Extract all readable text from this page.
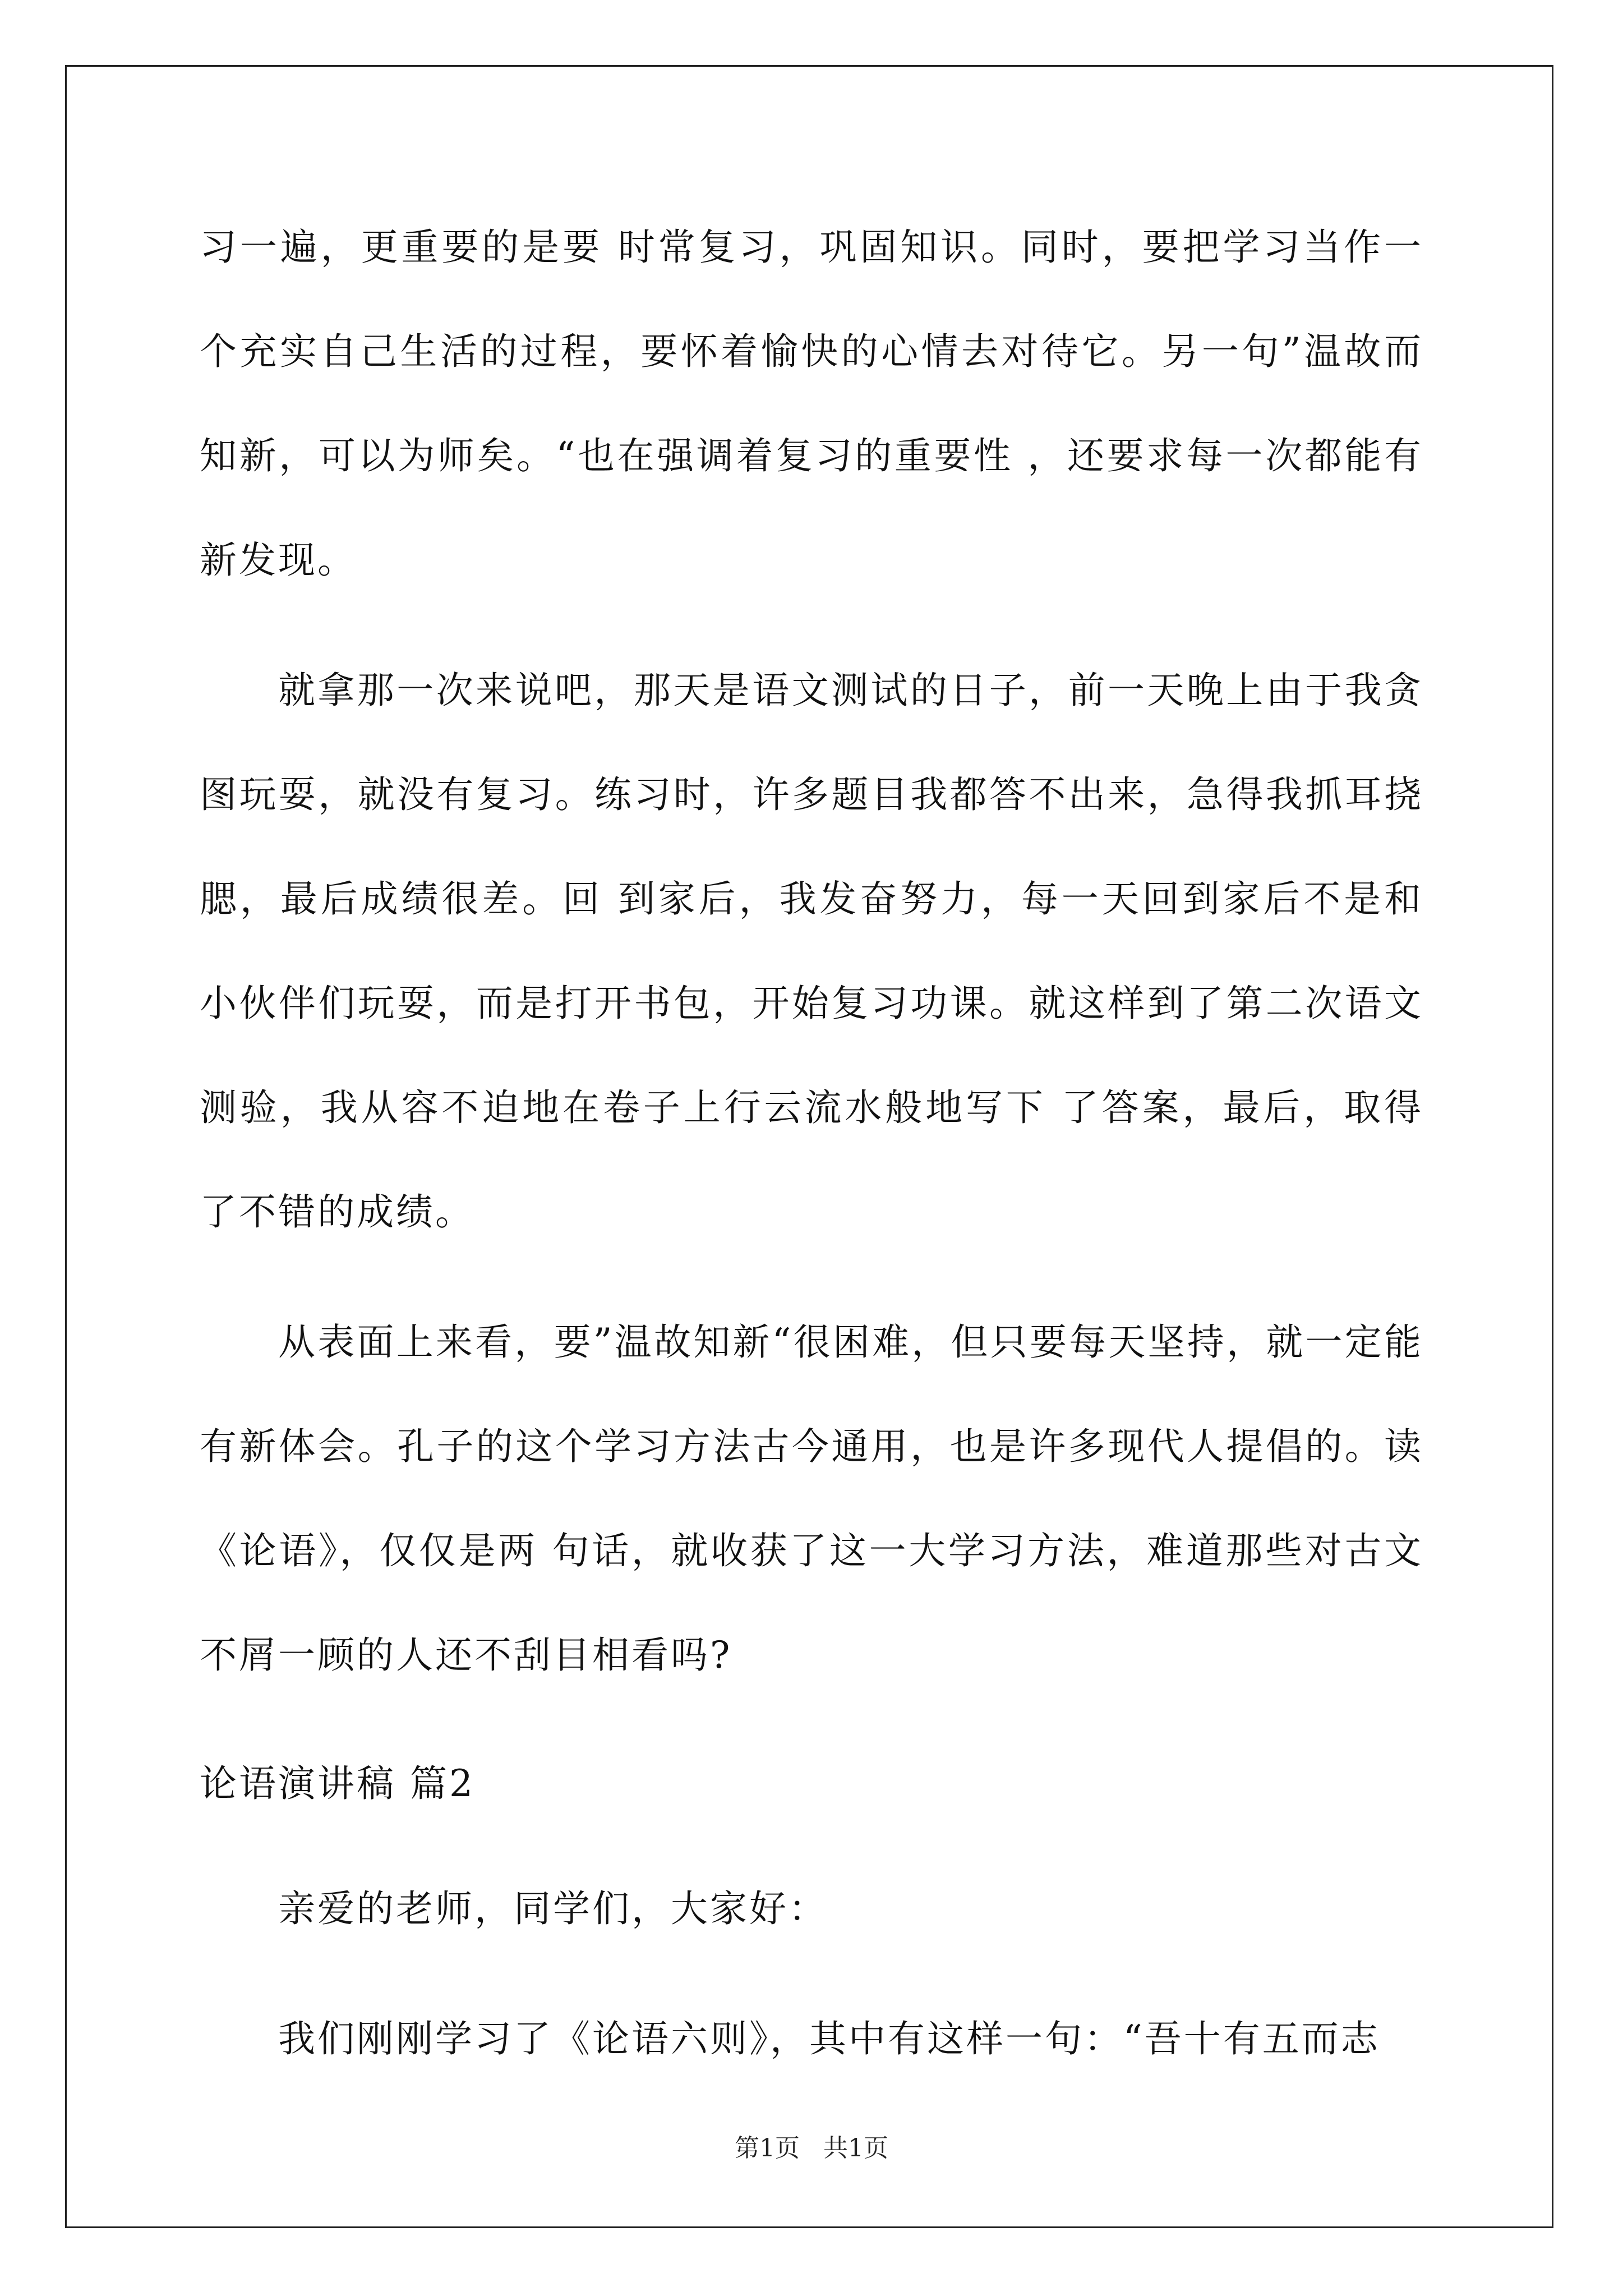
习一遍，更重要的是要 时常复习，巩固知识。同时，要把学习当作一个充实自己生活的过程，要怀着愉快的心情去对待它。另一句”温故而知新，可以为师矣。“也在强调着复习的重要性 ，还要求每一次都能有新发现。

就拿那一次来说吧，那天是语文测试的日子，前一天晚上由于我贪图玩耍，就没有复习。练习时，许多题目我都答不出来，急得我抓耳挠腮，最后成绩很差。回 到家后，我发奋努力，每一天回到家后不是和小伙伴们玩耍，而是打开书包，开始复习功课。就这样到了第二次语文测验，我从容不迫地在卷子上行云流水般地写下 了答案，最后，取得了不错的成绩。

从表面上来看，要”温故知新“很困难，但只要每天坚持，就一定能有新体会。孔子的这个学习方法古今通用，也是许多现代人提倡的。读《论语》，仅仅是两 句话，就收获了这一大学习方法，难道那些对古文不屑一顾的人还不刮目相看吗?

论语演讲稿 篇2

亲爱的老师，同学们，大家好：

我们刚刚学习了《论语六则》，其中有这样一句：“吾十有五而志

第1页 共1页
